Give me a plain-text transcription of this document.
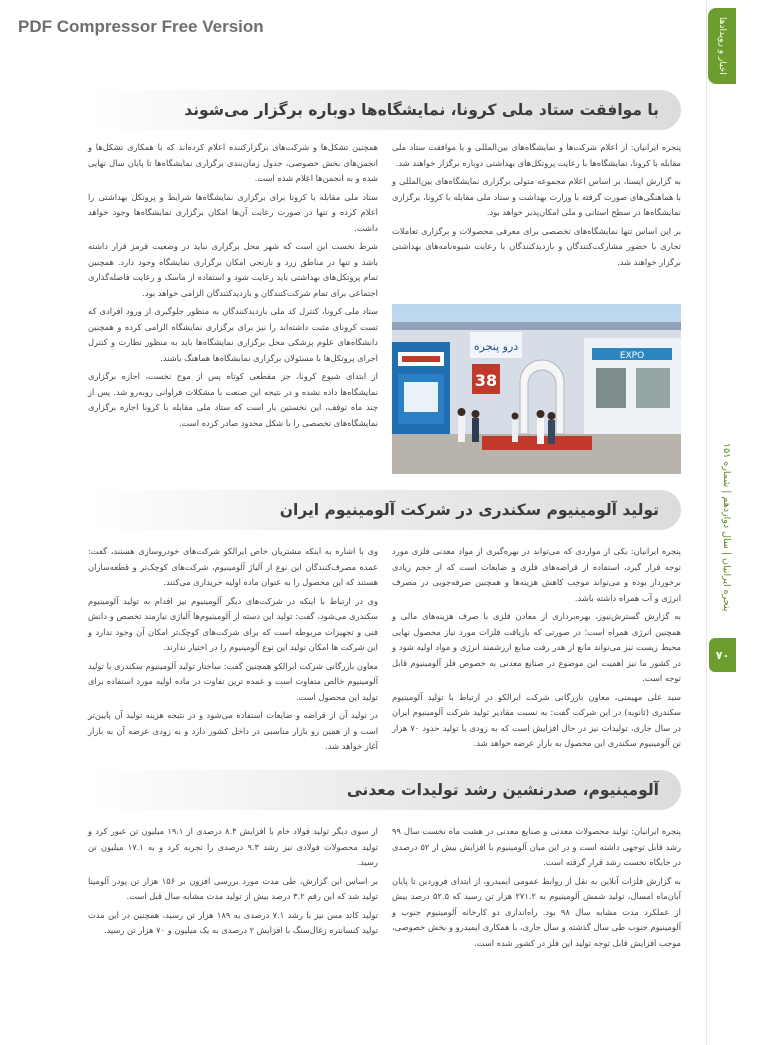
PDF Compressor Free Version	اخبار و رویدادها
پنجره ایرانیان | سال دوازدهم | شماره ۱۵۱
۷۰
با موافقت ستاد ملی کرونا، نمایشگاه‌ها دوباره برگزار می‌شوند

پنجره ایرانیان: از اعلام شرکت‌ها و نمایشگاه‌های بین‌المللی و با موافقت ستاد ملی مقابله با کرونا، نمایشگاه‌ها با رعایت پروتکل‌های بهداشتی دوباره برگزار خواهند شد.

به گزارش ایسنا، بر اساس اعلام مجموعه متولی برگزاری نمایشگاه‌های بین‌المللی و با هماهنگی‌های صورت گرفته با وزارت بهداشت و ستاد ملی مقابله با کرونا، برگزاری نمایشگاه‌ها در سطح استانی و ملی امکان‌پذیر خواهد بود.

بر این اساس تنها نمایشگاه‌های تخصصی برای معرفی محصولات و برگزاری تعاملات تجاری با حضور مشارکت‌کنندگان و بازدیدکنندگان با رعایت شیوه‌نامه‌های بهداشتی برگزار خواهند شد.

همچنین تشکل‌ها و شرکت‌های برگزارکننده اعلام کرده‌اند که با همکاری تشکل‌ها و انجمن‌های بخش خصوصی، جدول زمان‌بندی برگزاری نمایشگاه‌ها تا پایان سال نهایی شده و به انجمن‌ها اعلام شده است.

ستاد ملی مقابله با کرونا برای برگزاری نمایشگاه‌ها شرایط و پروتکل بهداشتی را اعلام کرده و تنها در صورت رعایت آن‌ها امکان برگزاری نمایشگاه‌ها وجود خواهد داشت.

شرط نخست این است که شهر محل برگزاری نباید در وضعیت قرمز قرار داشته باشد و تنها در مناطق زرد و نارنجی امکان برگزاری نمایشگاه وجود دارد. همچنین تمام پروتکل‌های بهداشتی باید رعایت شود و استفاده از ماسک و رعایت فاصله‌گذاری اجتماعی برای تمام شرکت‌کنندگان و بازدیدکنندگان الزامی خواهد بود.

ستاد ملی کرونا، کنترل کد ملی بازدیدکنندگان به منظور جلوگیری از ورود افرادی که تست کرونای مثبت داشته‌اند را نیز برای برگزاری نمایشگاه الزامی کرده و همچنین دانشگاه‌های علوم پزشکی محل برگزاری نمایشگاه‌ها باید به منظور نظارت و کنترل اجرای پروتکل‌ها با مسئولان برگزاری نمایشگاه‌ها هماهنگ باشند.

از ابتدای شیوع کرونا، جز مقطعی کوتاه پس از موج نخست، اجازه برگزاری نمایشگاه‌ها داده نشده و در نتیجه این صنعت با مشکلات فراوانی روبه‌رو شد. پس از چند ماه توقف، این نخستین بار است که ستاد ملی مقابله با کرونا اجازه برگزاری نمایشگاه‌های تخصصی را با شکل محدود صادر کرده است.

درو پنجره
38
EXPO
تولید آلومینیوم سکندری در شرکت آلومینیوم ایران

پنجره ایرانیان: یکی از مواردی که می‌تواند در بهره‌گیری از مواد معدنی فلزی مورد توجه قرار گیرد، استفاده از قراضه‌های فلزی و ضایعات است که از حجم زیادی برخوردار بوده و می‌تواند موجب کاهش هزینه‌ها و همچنین صرفه‌جویی در مصرف انرژی و آب همراه داشته باشد.

به گزارش گسترش‌نیوز، بهره‌برداری از معادن فلزی با صرف هزینه‌های مالی و همچنین انرژی همراه است؛ در صورتی که بازیافت فلزات مورد نیاز محصول نهایی محیط زیست نیز می‌تواند مانع از هدر رفت منابع ارزشمند انرژی و مواد اولیه شود و در کشور ما نیز اهمیت این موضوع در صنایع معدنی به خصوص فلز آلومینیوم قابل توجه است.

سید علی مهیمنی، معاون بازرگانی شرکت ایرالکو در ارتباط با تولید آلومینیوم سکندری (ثانویه) در این شرکت گفت: به نسبت مقادیر تولید شرکت آلومینیوم ایران در سال جاری، تولیدات نیز در حال افزایش است که به زودی با تولید حدود ۷۰ هزار تن آلومینیوم سکندری این محصول به بازار عرضه خواهد شد.

وی با اشاره به اینکه مشتریان خاص ایرالکو شرکت‌های خودروسازی هستند، گفت: عمده مصرف‌کنندگان این نوع از آلیاژ آلومینیوم، شرکت‌های کوچک‌تر و قطعه‌سازان هستند که این محصول را به عنوان ماده اولیه خریداری می‌کنند.

وی در ارتباط با اینکه در شرکت‌های دیگر آلومینیوم نیز اقدام به تولید آلومینیوم سکندری می‌شود، گفت: تولید این دسته از آلومینیوم‌ها آلیاژی نیازمند تخصص و دانش فنی و تجهیزات مربوطه است که برای شرکت‌های کوچک‌تر امکان آن وجود ندارد و این شرکت ها امکان تولید این نوع آلومینیوم را در اختیار ندارند.

معاون بازرگانی شرکت ایرالکو همچنین گفت: ساختار تولید آلومینیوم سکندری با تولید آلومینیوم خالص متفاوت است و عمده ترین تفاوت در ماده اولیه مورد استفاده برای تولید این محصول است.

در تولید آن از قراضه و ضایعات استفاده می‌شود و در نتیجه هزینه تولید آن پایین‌تر است و از همین رو بازار مناسبی در داخل کشور دارد و به زودی عرضه آن به بازار آغاز خواهد شد.

آلومینیوم، صدرنشین رشد تولیدات معدنی

پنجره ایرانیان: تولید محصولات معدنی و صنایع معدنی در هشت ماه نخست سال ۹۹ رشد قابل توجهی داشته است و در این میان آلومینیوم با افزایش بیش از ۵۲ درصدی در جایگاه نخست رشد قرار گرفته است.

به گزارش فلزات آنلاین به نقل از روابط عمومی ایمیدرو، از ابتدای فروردین تا پایان آبان‌ماه امسال، تولید شمش آلومینیوم به ۲۷۱.۲ هزار تن رسید که ۵۲.۵ درصد بیش از عملکرد مدت مشابه سال ۹۸ بود. راه‌اندازی دو کارخانه آلومینیوم جنوب و آلومینیوم جنوب طی سال گذشته و سال جاری، با همکاری ایمیدرو و بخش خصوصی، موجب افزایش قابل توجه تولید این فلز در کشور شده است.

از سوی دیگر تولید فولاد خام با افزایش ۸.۴ درصدی از ۱۹.۱ میلیون تن عبور کرد و تولید محصولات فولادی نیز رشد ۹.۳ درصدی را تجربه کرد و به ۱۷.۱ میلیون تن رسید.

بر اساس این گزارش، طی مدت مورد بررسی افزون بر ۱۵۶ هزار تن پودر آلومینا تولید شد که این رقم ۳.۲ درصد بیش از تولید مدت مشابه سال قبل است.

تولید کاتد مس نیز با رشد ۷.۱ درصدی به ۱۸۹ هزار تن رسید، همچنین در این مدت تولید کنسانتره زغال‌سنگ با افزایش ۲ درصدی به یک میلیون و ۷۰ هزار تن رسید.
